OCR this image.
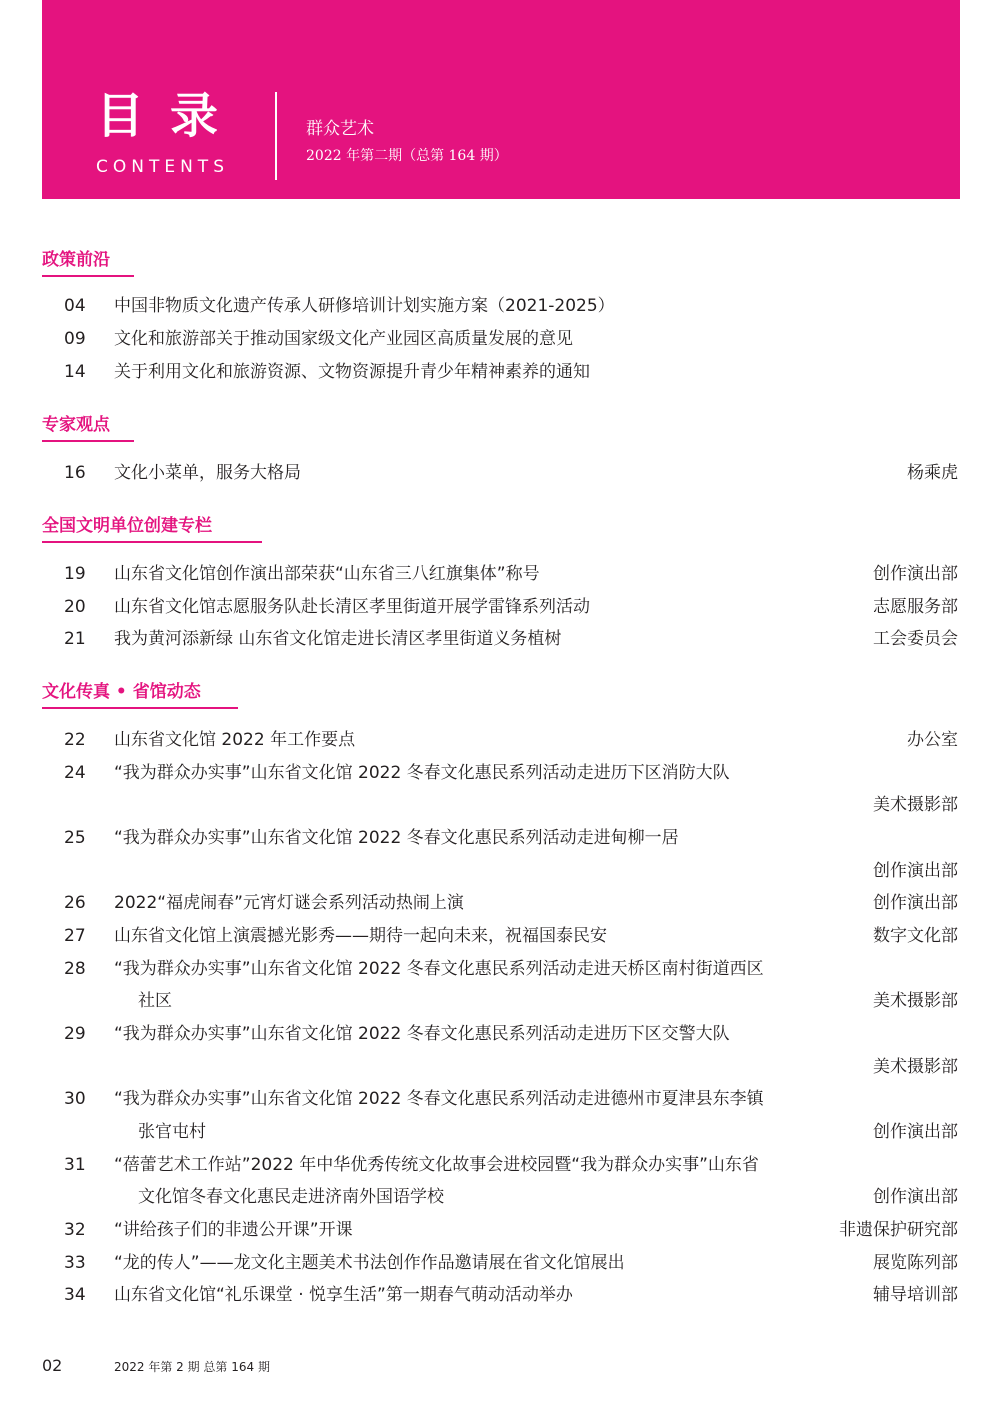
目录
CONTENTS
群众艺术
2022 年第二期（总第 164 期）
政策前沿
04 中国非物质文化遗产传承人研修培训计划实施方案（2021-2025）
09 文化和旅游部关于推动国家级文化产业园区高质量发展的意见
14 关于利用文化和旅游资源、文物资源提升青少年精神素养的通知
专家观点
16 文化小菜单，服务大格局	杨乘虎
全国文明单位创建专栏
19 山东省文化馆创作演出部荣获“山东省三八红旗集体”称号	创作演出部
20 山东省文化馆志愿服务队赴长清区孝里街道开展学雷锋系列活动	志愿服务部
21 我为黄河添新绿 山东省文化馆走进长清区孝里街道义务植树	工会委员会
文化传真 • 省馆动态
22 山东省文化馆 2022 年工作要点	办公室
24 “我为群众办实事”山东省文化馆 2022 冬春文化惠民系列活动走进历下区消防大队
美术摄影部
25 “我为群众办实事”山东省文化馆 2022 冬春文化惠民系列活动走进甸柳一居
创作演出部
26 2022“福虎闹春”元宵灯谜会系列活动热闹上演	创作演出部
27 山东省文化馆上演震撼光影秀——期待一起向未来，祝福国泰民安	数字文化部
28 “我为群众办实事”山东省文化馆 2022 冬春文化惠民系列活动走进天桥区南村街道西区
社区	美术摄影部
29 “我为群众办实事”山东省文化馆 2022 冬春文化惠民系列活动走进历下区交警大队
美术摄影部
30 “我为群众办实事”山东省文化馆 2022 冬春文化惠民系列活动走进德州市夏津县东李镇
张官屯村	创作演出部
31 “蓓蕾艺术工作站”2022 年中华优秀传统文化故事会进校园暨“我为群众办实事”山东省
文化馆冬春文化惠民走进济南外国语学校	创作演出部
32 “讲给孩子们的非遗公开课”开课	非遗保护研究部
33 “龙的传人”——龙文化主题美术书法创作作品邀请展在省文化馆展出	展览陈列部
34 山东省文化馆“礼乐课堂 · 悦享生活”第一期春气萌动活动举办	辅导培训部
02	2022 年第 2 期 总第 164 期
